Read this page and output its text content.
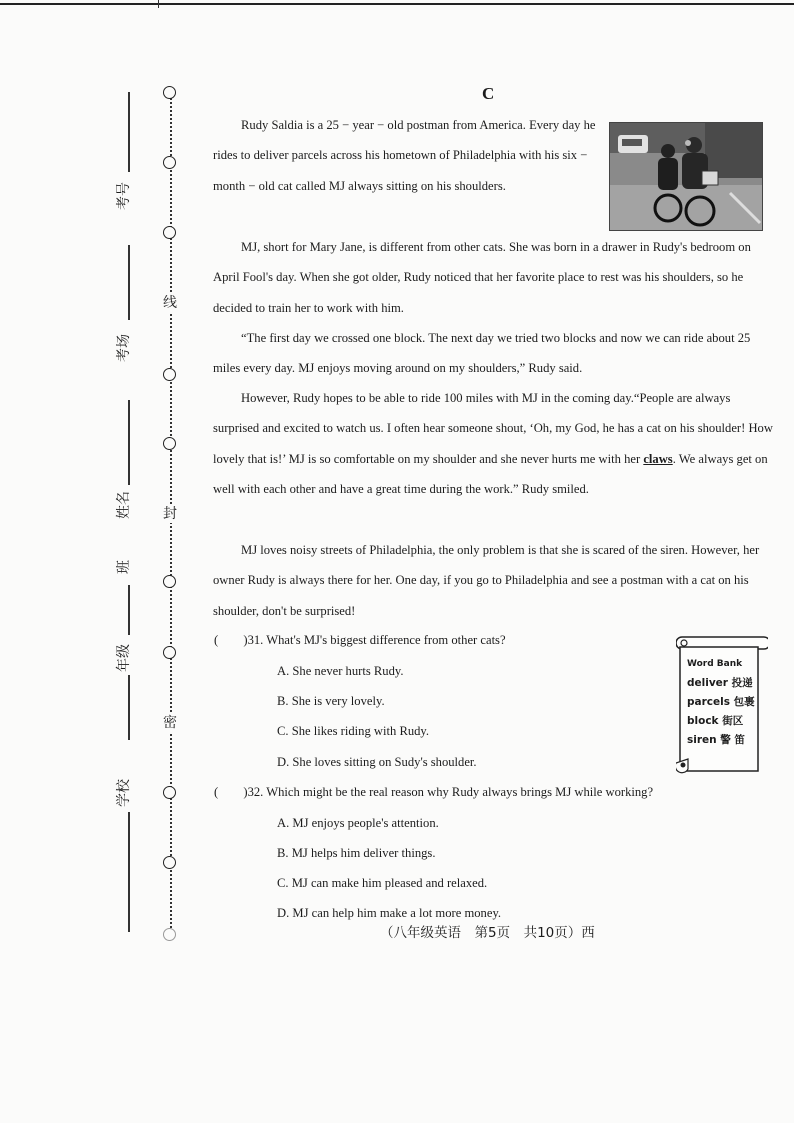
线
封
密
考号
考场
姓名
班
年级
学校
C

Rudy Saldia is a 25 − year − old postman from America. Every day he rides to deliver parcels across his hometown of Philadelphia with his six − month − old cat called MJ always sitting on his shoulders.

MJ, short for Mary Jane, is different from other cats. She was born in a drawer in Rudy's bedroom on April Fool's day. When she got older, Rudy noticed that her favorite place to rest was his shoulders, so he decided to train her to work with him.

“The first day we crossed one block. The next day we tried two blocks and now we can ride about 25 miles every day. MJ enjoys moving around on my shoulders,” Rudy said.

However, Rudy hopes to be able to ride 100 miles with MJ in the coming day.“People are always surprised and excited to watch us. I often hear someone shout, ‘Oh, my God, he has a cat on his shoulder! How lovely that is!’ MJ is so comfortable on my shoulder and she never hurts me with her claws. We always get on well with each other and have a great time during the work.” Rudy smiled.

MJ loves noisy streets of Philadelphia, the only problem is that she is scared of the siren. However, her owner Rudy is always there for her. One day, if you go to Philadelphia and see a postman with a cat on his shoulder, don't be surprised!

(　　)31. What's MJ's biggest difference from other cats?
A. She never hurts Rudy.
B. She is very lovely.
C. She likes riding with Rudy.
D. She loves sitting on Sudy's shoulder.
(　　)32. Which might be the real reason why Rudy always brings MJ while working?
A. MJ enjoys people's attention.
B. MJ helps him deliver things.
C. MJ can make him pleased and relaxed.
D. MJ can help him make a lot more money.
Word Bank
deliver 投递
parcels 包裹
block 街区
siren 警 笛
（八年级英语　第5页　共10页）西
